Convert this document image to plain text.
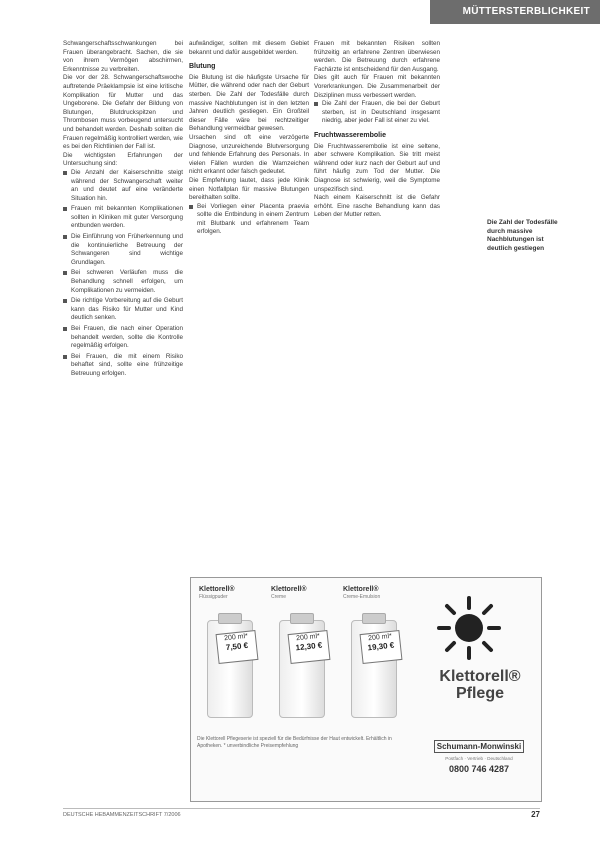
MÜTTERSTERBLICHKEIT

Schwangerschaftsschwankungen bei Frauen überangebracht. Sachen, die sie von ihrem Vermögen abschirmen, Erkenntnisse zu verbreiten.

Die vor der 28. Schwangerschaftswoche auftretende Präeklampsie ist eine kritische Komplikation für Mutter und das Ungeborene. Die Gefahr der Bildung von Blutungen, Blutdruckspitzen und Thrombosen muss vorbeugend untersucht und behandelt werden. Deshalb sollten die Frauen regelmäßig kontrolliert werden, wie es bei den Richtlinien der Fall ist.

Die wichtigsten Erfahrungen der Untersuchung sind:

Die Anzahl der Kaiserschnitte steigt während der Schwangerschaft weiter an und deutet auf eine veränderte Situation hin.
Frauen mit bekannten Komplikationen sollten in Kliniken mit guter Versorgung entbunden werden.
Die Einführung von Früherkennung und die kontinuierliche Betreuung der Schwangeren sind wichtige Grundlagen.
Bei schweren Verläufen muss die Behandlung schnell erfolgen, um Komplikationen zu vermeiden.
Die richtige Vorbereitung auf die Geburt kann das Risiko für Mutter und Kind deutlich senken.
Bei Frauen, die nach einer Operation behandelt werden, sollte die Kontrolle regelmäßig erfolgen.
Bei Frauen, die mit einem Risiko behaftet sind, sollte eine frühzeitige Betreuung erfolgen.

aufwändiger, sollten mit diesem Gebiet bekannt und dafür ausgebildet werden.

Blutung

Die Blutung ist die häufigste Ursache für Mütter, die während oder nach der Geburt sterben. Die Zahl der Todesfälle durch massive Nachblutungen ist in den letzten Jahren deutlich gestiegen. Ein Großteil dieser Fälle wäre bei rechtzeitiger Behandlung vermeidbar gewesen.

Ursachen sind oft eine verzögerte Diagnose, unzureichende Blutversorgung und fehlende Erfahrung des Personals. In vielen Fällen wurden die Warnzeichen nicht erkannt oder falsch gedeutet.

Die Empfehlung lautet, dass jede Klinik einen Notfallplan für massive Blutungen bereithalten sollte.

Bei Vorliegen einer Placenta praevia sollte die Entbindung in einem Zentrum mit Blutbank und erfahrenem Team erfolgen.

Frauen mit bekannten Risiken sollten frühzeitig an erfahrene Zentren überwiesen werden. Die Betreuung durch erfahrene Fachärzte ist entscheidend für den Ausgang.

Dies gilt auch für Frauen mit bekannten Vorerkrankungen. Die Zusammenarbeit der Disziplinen muss verbessert werden.

Die Zahl der Frauen, die bei der Geburt sterben, ist in Deutschland insgesamt niedrig, aber jeder Fall ist einer zu viel.
Fruchtwasserembolie

Die Fruchtwasserembolie ist eine seltene, aber schwere Komplikation. Sie tritt meist während oder kurz nach der Geburt auf und führt häufig zum Tod der Mutter. Die Diagnose ist schwierig, weil die Symptome unspezifisch sind.

Nach einem Kaiserschnitt ist die Gefahr erhöht. Eine rasche Behandlung kann das Leben der Mutter retten.

Die Zahl der Todesfälle durch massive Nachblutungen ist deutlich gestiegen
Klettorell®
Flüssigpuder
200 ml*
7,50 €
Klettorell®
Creme
200 ml*
12,30 €
Klettorell®
Creme-Emulsion
200 ml*
19,30 €
Klettorell®
Pflege
Die Klettorell Pflegeserie ist speziell für die Bedürfnisse der Haut entwickelt. Erhältlich in Apotheken. * unverbindliche Preisempfehlung	Schumann-Monwinski
Postfach · Vertrieb · Deutschland
0800 746 4287
DEUTSCHE HEBAMMENZEITSCHRIFT 7/2006	27
